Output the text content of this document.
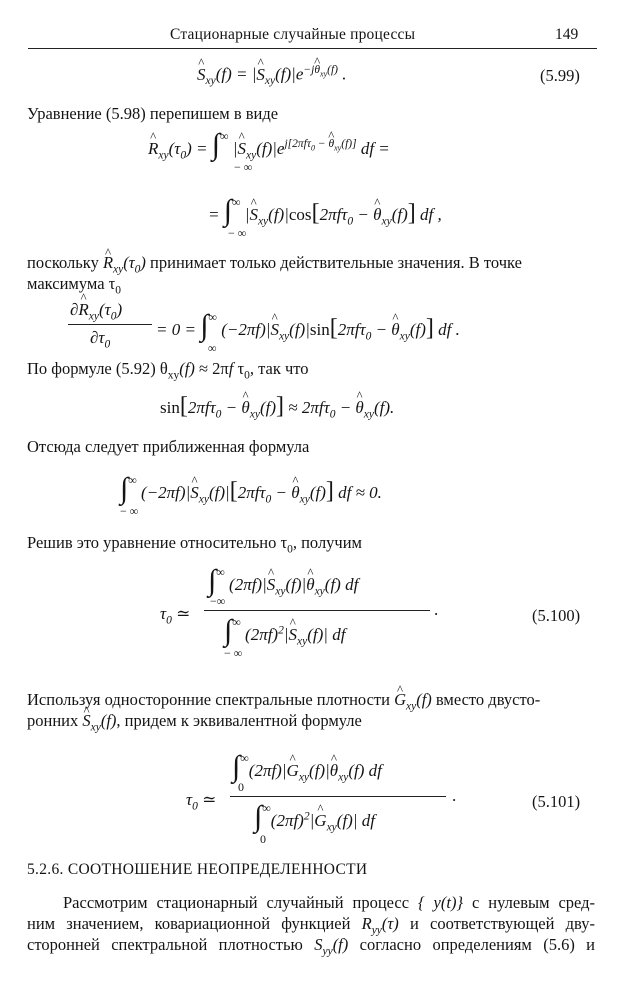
Стационарные случайные процессы	149
^ $S_{xy}(f)$ = |^ $S_{xy}(f)|e^{-j\^{} \theta_{xy}(f)}$ .	(5.99)
Уравнение (5.98) перепишем в виде
^ $R_{xy}(\tau_0) = \int^\infty$
− ∞
|^ $S_{xy}(f)|e^{j[2\pi f\tau_0 - \^{} \theta_{xy}(f)]}$ df =
= ∫∞
− ∞
|^ $S_{xy}(f)|\cos[2\pi f\tau_0$ − ^ $\theta_{xy}(f)$] df ,
поскольку ^ $R_{xy}(\tau_0)$ принимает только действительные значения. В точке
максимума $\tau_0$
∂^ $R_{xy}(\tau_0)$
$\partial\tau_0$
= 0 = ∫∞
∞
(−2πf)|^ $S_{xy}(f)|\sin[2\pi f\tau_0$ − ^ $\theta_{xy}(f)$] df .
По формуле (5.92) $\theta_{xy}(f) \approx 2\pi f$ $\tau_0$, так что
sin[2πfτ$_0$ − ^ $\theta_{xy}(f)] \approx 2\pi f\tau_0$ − ^ $\theta_{xy}(f)$.
Отсюда следует приближенная формула
∫∞
− ∞
(−2πf)|^ $S_{xy}(f)|[2\pi f\tau_0$ − ^ $\theta_{xy}(f)$] df ≈ 0.
Решив это уравнение относительно $\tau_0$, получим
$\tau_0$ ≃
∫∞ (2πf)|^ $S_{xy}(f)|\^{}$ $\theta_{xy}(f)$ df
−∞
∫∞ $(2\pi f)^2|\^{}$ $S_{xy}(f)|$ df
− ∞
.	(5.100)
Используя односторонние спектральные плотности ^ $G_{xy}(f)$ вместо двусто-
ронних ^ $S_{xy}(f)$, придем к эквивалентной формуле
$\tau_0$ ≃
∫∞(2πf)|^ $G_{xy}(f)|\^{}$ $\theta_{xy}(f)$ df
0
$\int^\infty(2\pi f)^2|\^{}$ $G_{xy}(f)|$ df
0
.	(5.101)
5.2.6. СООТНОШЕНИЕ НЕОПРЕДЕЛЕННОСТИ
Рассмотрим стационарный случайный процесс { y(t)} с нулевым сред-
ним значением, ковариационной функцией $R_{yy}(\tau)$ и соответствующей дву-
сторонней спектральной плотностью $S_{yy}(f)$ согласно определениям (5.6) и
